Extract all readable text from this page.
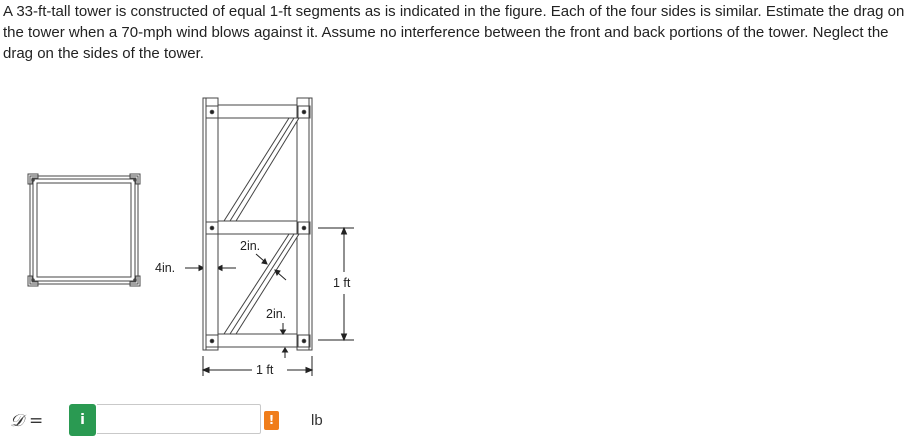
A 33-ft-tall tower is constructed of equal 1-ft segments as is indicated in the figure. Each of the four sides is similar. Estimate the drag on the tower when a 70-mph wind blows against it. Assume no interference between the front and back portions of the tower. Neglect the drag on the sides of the tower.

4in.
2in.
2in.
1 ft
1 ft
𝒟 =	i	!	lb
